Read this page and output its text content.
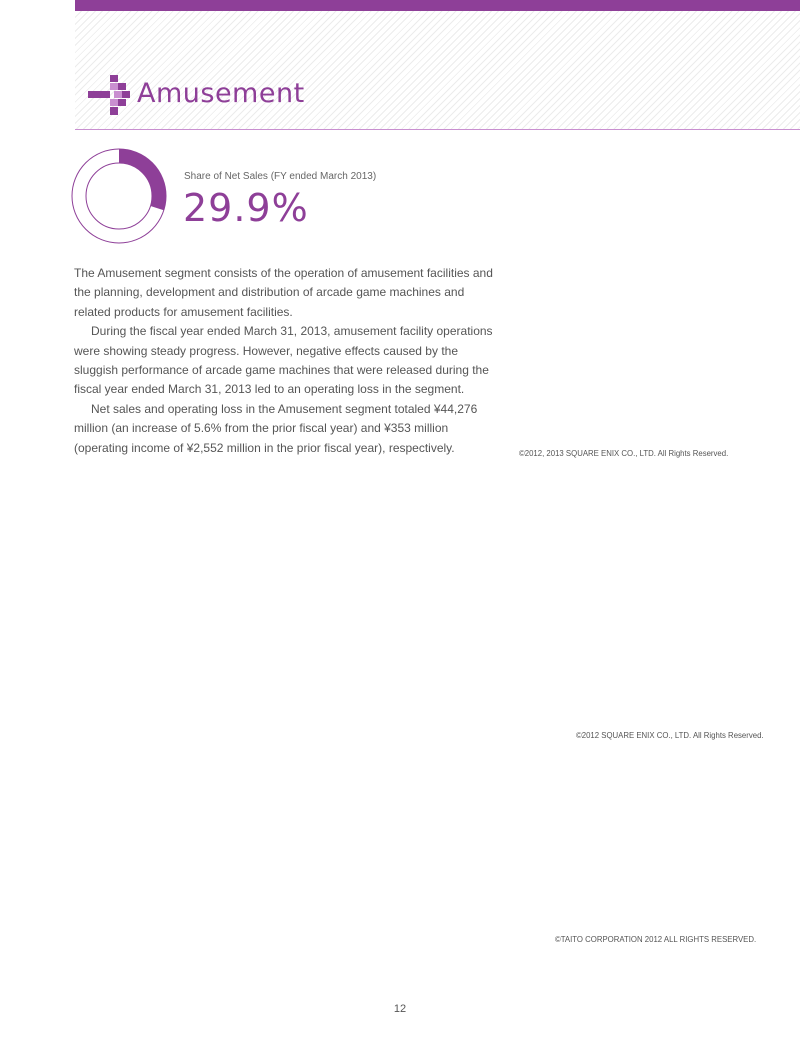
Amusement
Share of Net Sales (FY ended March 2013)
29.9%

The Amusement segment consists of the operation of amusement facilities and the planning, development and distribution of arcade game machines and related products for amusement facilities.

During the fiscal year ended March 31, 2013, amusement facility operations were showing steady progress. However, negative effects caused by the sluggish performance of arcade game machines that were released during the fiscal year ended March 31, 2013 led to an operating loss in the segment.

Net sales and operating loss in the Amusement segment totaled ¥44,276 million (an increase of 5.6% from the prior fiscal year) and ¥353 million (operating income of ¥2,552 million in the prior fiscal year), respectively.	©2012, 2013 SQUARE ENIX CO., LTD. All Rights Reserved.
©2012 SQUARE ENIX CO., LTD. All Rights Reserved.
©TAITO CORPORATION 2012 ALL RIGHTS RESERVED.
12
